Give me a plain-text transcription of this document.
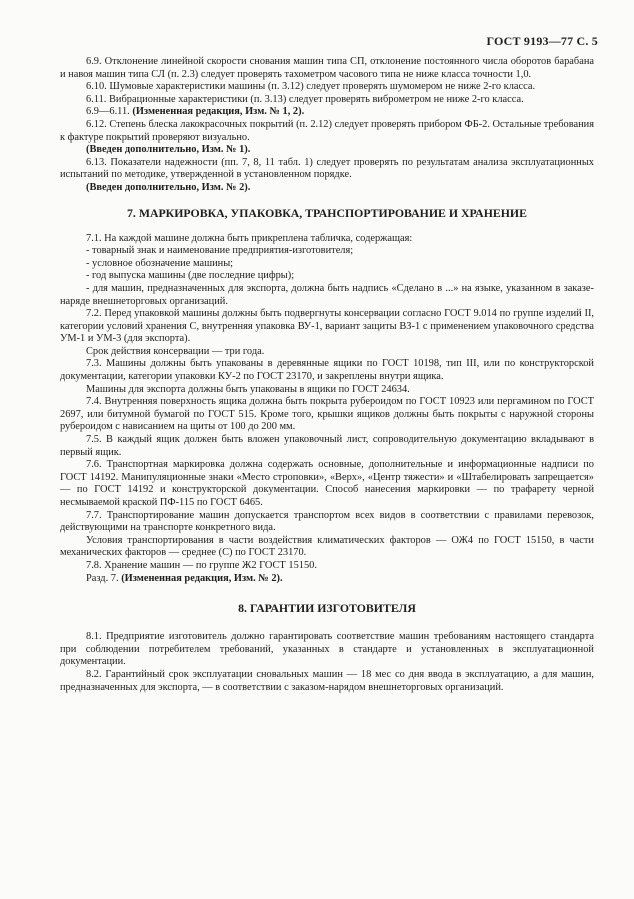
ГОСТ 9193—77 С. 5

6.9. Отклонение линейной скорости снования машин типа СП, отклонение постоянного числа оборотов барабана и навоя машин типа СЛ (п. 2.3) следует проверять тахометром часового типа не ниже класса точности 1,0.

6.10. Шумовые характеристики машины (п. 3.12) следует проверять шумомером не ниже 2-го класса.

6.11. Вибрационные характеристики (п. 3.13) следует проверять виброметром не ниже 2-го класса.

6.9—6.11. (Измененная редакция, Изм. № 1, 2).

6.12. Степень блеска лакокрасочных покрытий (п. 2.12) следует проверять прибором ФБ-2. Остальные требования к фактуре покрытий проверяют визуально.

(Введен дополнительно, Изм. № 1).

6.13. Показатели надежности (пп. 7, 8, 11 табл. 1) следует проверять по результатам анализа эксплуатационных испытаний по методике, утвержденной в установленном порядке.

(Введен дополнительно, Изм. № 2).

7. МАРКИРОВКА, УПАКОВКА, ТРАНСПОРТИРОВАНИЕ И ХРАНЕНИЕ

7.1. На каждой машине должна быть прикреплена табличка, содержащая:

- товарный знак и наименование предприятия-изготовителя;

- условное обозначение машины;

- год выпуска машины (две последние цифры);

- для машин, предназначенных для экспорта, должна быть надпись «Сделано в ...» на языке, указанном в заказе-наряде внешнеторговых организаций.

7.2. Перед упаковкой машины должны быть подвергнуты консервации согласно ГОСТ 9.014 по группе изделий II, категории условий хранения С, внутренняя упаковка ВУ-1, вариант защиты ВЗ-1 с применением упаковочного средства УМ-1 и УМ-3 (для экспорта).

Срок действия консервации — три года.

7.3. Машины должны быть упакованы в деревянные ящики по ГОСТ 10198, тип III, или по конструкторской документации, категории упаковки КУ-2 по ГОСТ 23170, и закреплены внутри ящика.

Машины для экспорта должны быть упакованы в ящики по ГОСТ 24634.

7.4. Внутренняя поверхность ящика должна быть покрыта рубероидом по ГОСТ 10923 или пергамином по ГОСТ 2697, или битумной бумагой по ГОСТ 515. Кроме того, крышки ящиков должны быть покрыты с наружной стороны рубероидом с нависанием на щиты от 100 до 200 мм.

7.5. В каждый ящик должен быть вложен упаковочный лист, сопроводительную документацию вкладывают в первый ящик.

7.6. Транспортная маркировка должна содержать основные, дополнительные и информационные надписи по ГОСТ 14192. Манипуляционные знаки «Место строповки», «Верх», «Центр тяжести» и «Штабелировать запрещается» — по ГОСТ 14192 и конструкторской документации. Способ нанесения маркировки — по трафарету черной несмываемой краской ПФ-115 по ГОСТ 6465.

7.7. Транспортирование машин допускается транспортом всех видов в соответствии с правилами перевозок, действующими на транспорте конкретного вида.

Условия транспортирования в части воздействия климатических факторов — ОЖ4 по ГОСТ 15150, в части механических факторов — среднее (С) по ГОСТ 23170.

7.8. Хранение машин — по группе Ж2 ГОСТ 15150.

Разд. 7. (Измененная редакция, Изм. № 2).

8. ГАРАНТИИ ИЗГОТОВИТЕЛЯ

8.1. Предприятие изготовитель должно гарантировать соответствие машин требованиям настоящего стандарта при соблюдении потребителем требований, указанных в стандарте и установленных в эксплуатационной документации.

8.2. Гарантийный срок эксплуатации сновальных машин — 18 мес со дня ввода в эксплуатацию, а для машин, предназначенных для экспорта, — в соответствии с заказом-нарядом внешнеторговых организаций.
